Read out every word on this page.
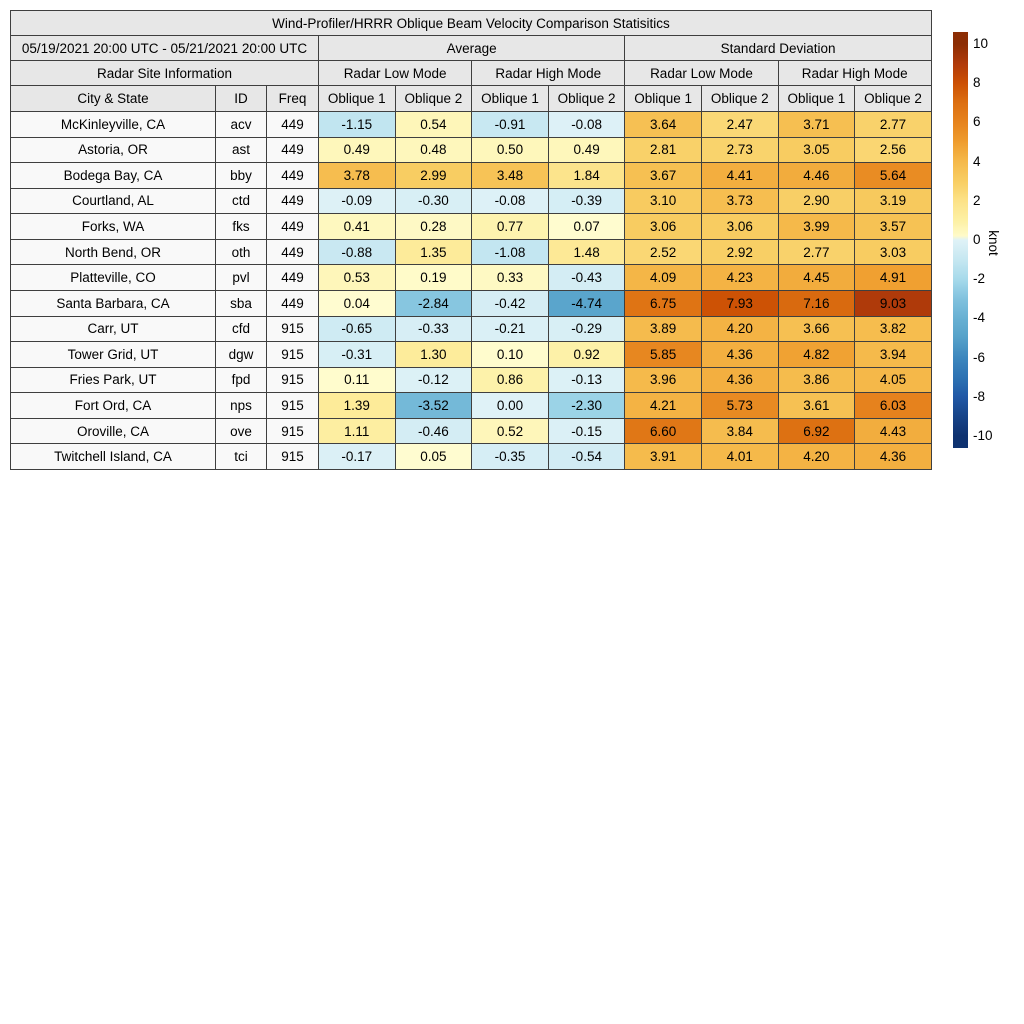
Wind-Profiler/HRRR Oblique Beam Velocity Comparison Statisitics										
05/19/2021 20:00 UTC - 05/21/2021 20:00 UTC			Average				Standard Deviation			
Radar Site Information			Radar Low Mode		Radar High Mode		Radar Low Mode		Radar High Mode	
City & State	ID	Freq	Oblique 1	Oblique 2	Oblique 1	Oblique 2	Oblique 1	Oblique 2	Oblique 1	Oblique 2
McKinleyville, CA	acv	449	-1.15	0.54	-0.91	-0.08	3.64	2.47	3.71	2.77
Astoria, OR	ast	449	0.49	0.48	0.50	0.49	2.81	2.73	3.05	2.56
Bodega Bay, CA	bby	449	3.78	2.99	3.48	1.84	3.67	4.41	4.46	5.64
Courtland, AL	ctd	449	-0.09	-0.30	-0.08	-0.39	3.10	3.73	2.90	3.19
Forks, WA	fks	449	0.41	0.28	0.77	0.07	3.06	3.06	3.99	3.57
North Bend, OR	oth	449	-0.88	1.35	-1.08	1.48	2.52	2.92	2.77	3.03
Platteville, CO	pvl	449	0.53	0.19	0.33	-0.43	4.09	4.23	4.45	4.91
Santa Barbara, CA	sba	449	0.04	-2.84	-0.42	-4.74	6.75	7.93	7.16	9.03
Carr, UT	cfd	915	-0.65	-0.33	-0.21	-0.29	3.89	4.20	3.66	3.82
Tower Grid, UT	dgw	915	-0.31	1.30	0.10	0.92	5.85	4.36	4.82	3.94
Fries Park, UT	fpd	915	0.11	-0.12	0.86	-0.13	3.96	4.36	3.86	4.05
Fort Ord, CA	nps	915	1.39	-3.52	0.00	-2.30	4.21	5.73	3.61	6.03
Oroville, CA	ove	915	1.11	-0.46	0.52	-0.15	6.60	3.84	6.92	4.43
Twitchell Island, CA	tci	915	-0.17	0.05	-0.35	-0.54	3.91	4.01	4.20	4.36
10
8
6
4
2
0
-2
-4
-6
-8
-10
knot
